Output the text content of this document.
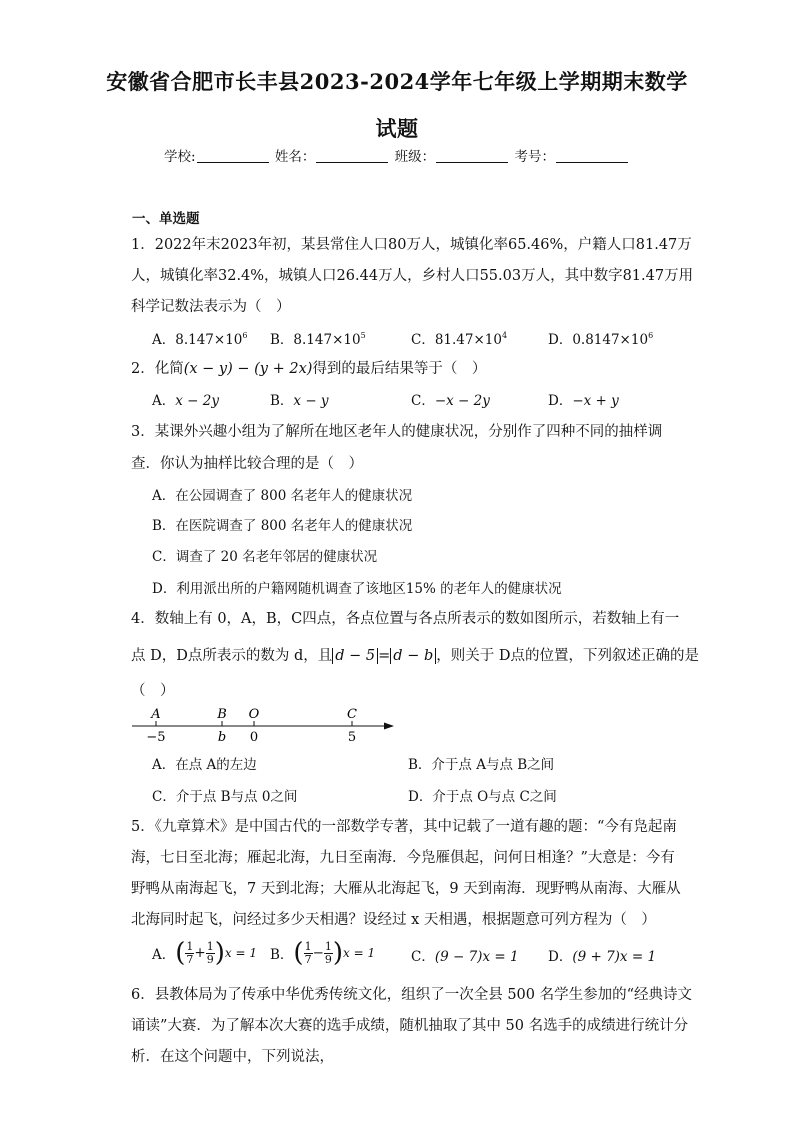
安徽省合肥市长丰县2023-2024学年七年级上学期期末数学
试题
学校:	姓名：	班级：	考号：
一、单选题
1．2022年末2023年初，某县常住人口80万人，城镇化率65.46%，户籍人口81.47万
人，城镇化率32.4%，城镇人口26.44万人，乡村人口55.03万人，其中数字81.47万用
科学记数法表示为（　）
A．$8.147\times 10^6$ B．$8.147\times 10^5$	C．$81.47\times 10^4$	D．$0.8147\times 10^6$
2．化简(x − y) − (y + 2x)得到的最后结果等于（　）
A．x − 2y	B．x − y	C．−x − 2y	D．−x + y
3．某课外兴趣小组为了解所在地区老年人的健康状况，分别作了四种不同的抽样调
查．你认为抽样比较合理的是（　）
A．在公园调查了 800 名老年人的健康状况
B．在医院调查了 800 名老年人的健康状况
C．调查了 20 名老年邻居的健康状况
D．利用派出所的户籍网随机调查了该地区15% 的老年人的健康状况
4．数轴上有 0，A，B，C四点，各点位置与各点所表示的数如图所示，若数轴上有一
点 D，D点所表示的数为 d，且 d − 5 = d − b ，则关于 D点的位置，下列叙述正确的是
（　）
A
−5
B
b
O
0
C
5
A．在点 A的左边	B．介于点 A与点 B之间
C．介于点 B与点 0之间	D．介于点 O与点 C之间
5．《九章算术》是中国古代的一部数学专著，其中记载了一道有趣的题：“今有凫起南
海，七日至北海；雁起北海，九日至南海．今凫雁俱起，问何日相逢？”大意是：今有
野鸭从南海起飞，7 天到北海；大雁从北海起飞，9 天到南海．现野鸭从南海、大雁从
北海同时起飞，问经过多少天相遇？设经过 x 天相遇，根据题意可列方程为（　）
A．( $\frac{1}{7} + \frac{1}{9} )x = 1$ B．( $\frac{1}{7} - \frac{1}{9} )x = 1$	C．(9 − 7)x = 1 D．(9 + 7)x = 1
6．县教体局为了传承中华优秀传统文化，组织了一次全县 500 名学生参加的“经典诗文
诵读”大赛．为了解本次大赛的选手成绩，随机抽取了其中 50 名选手的成绩进行统计分
析．在这个问题中，下列说法，
